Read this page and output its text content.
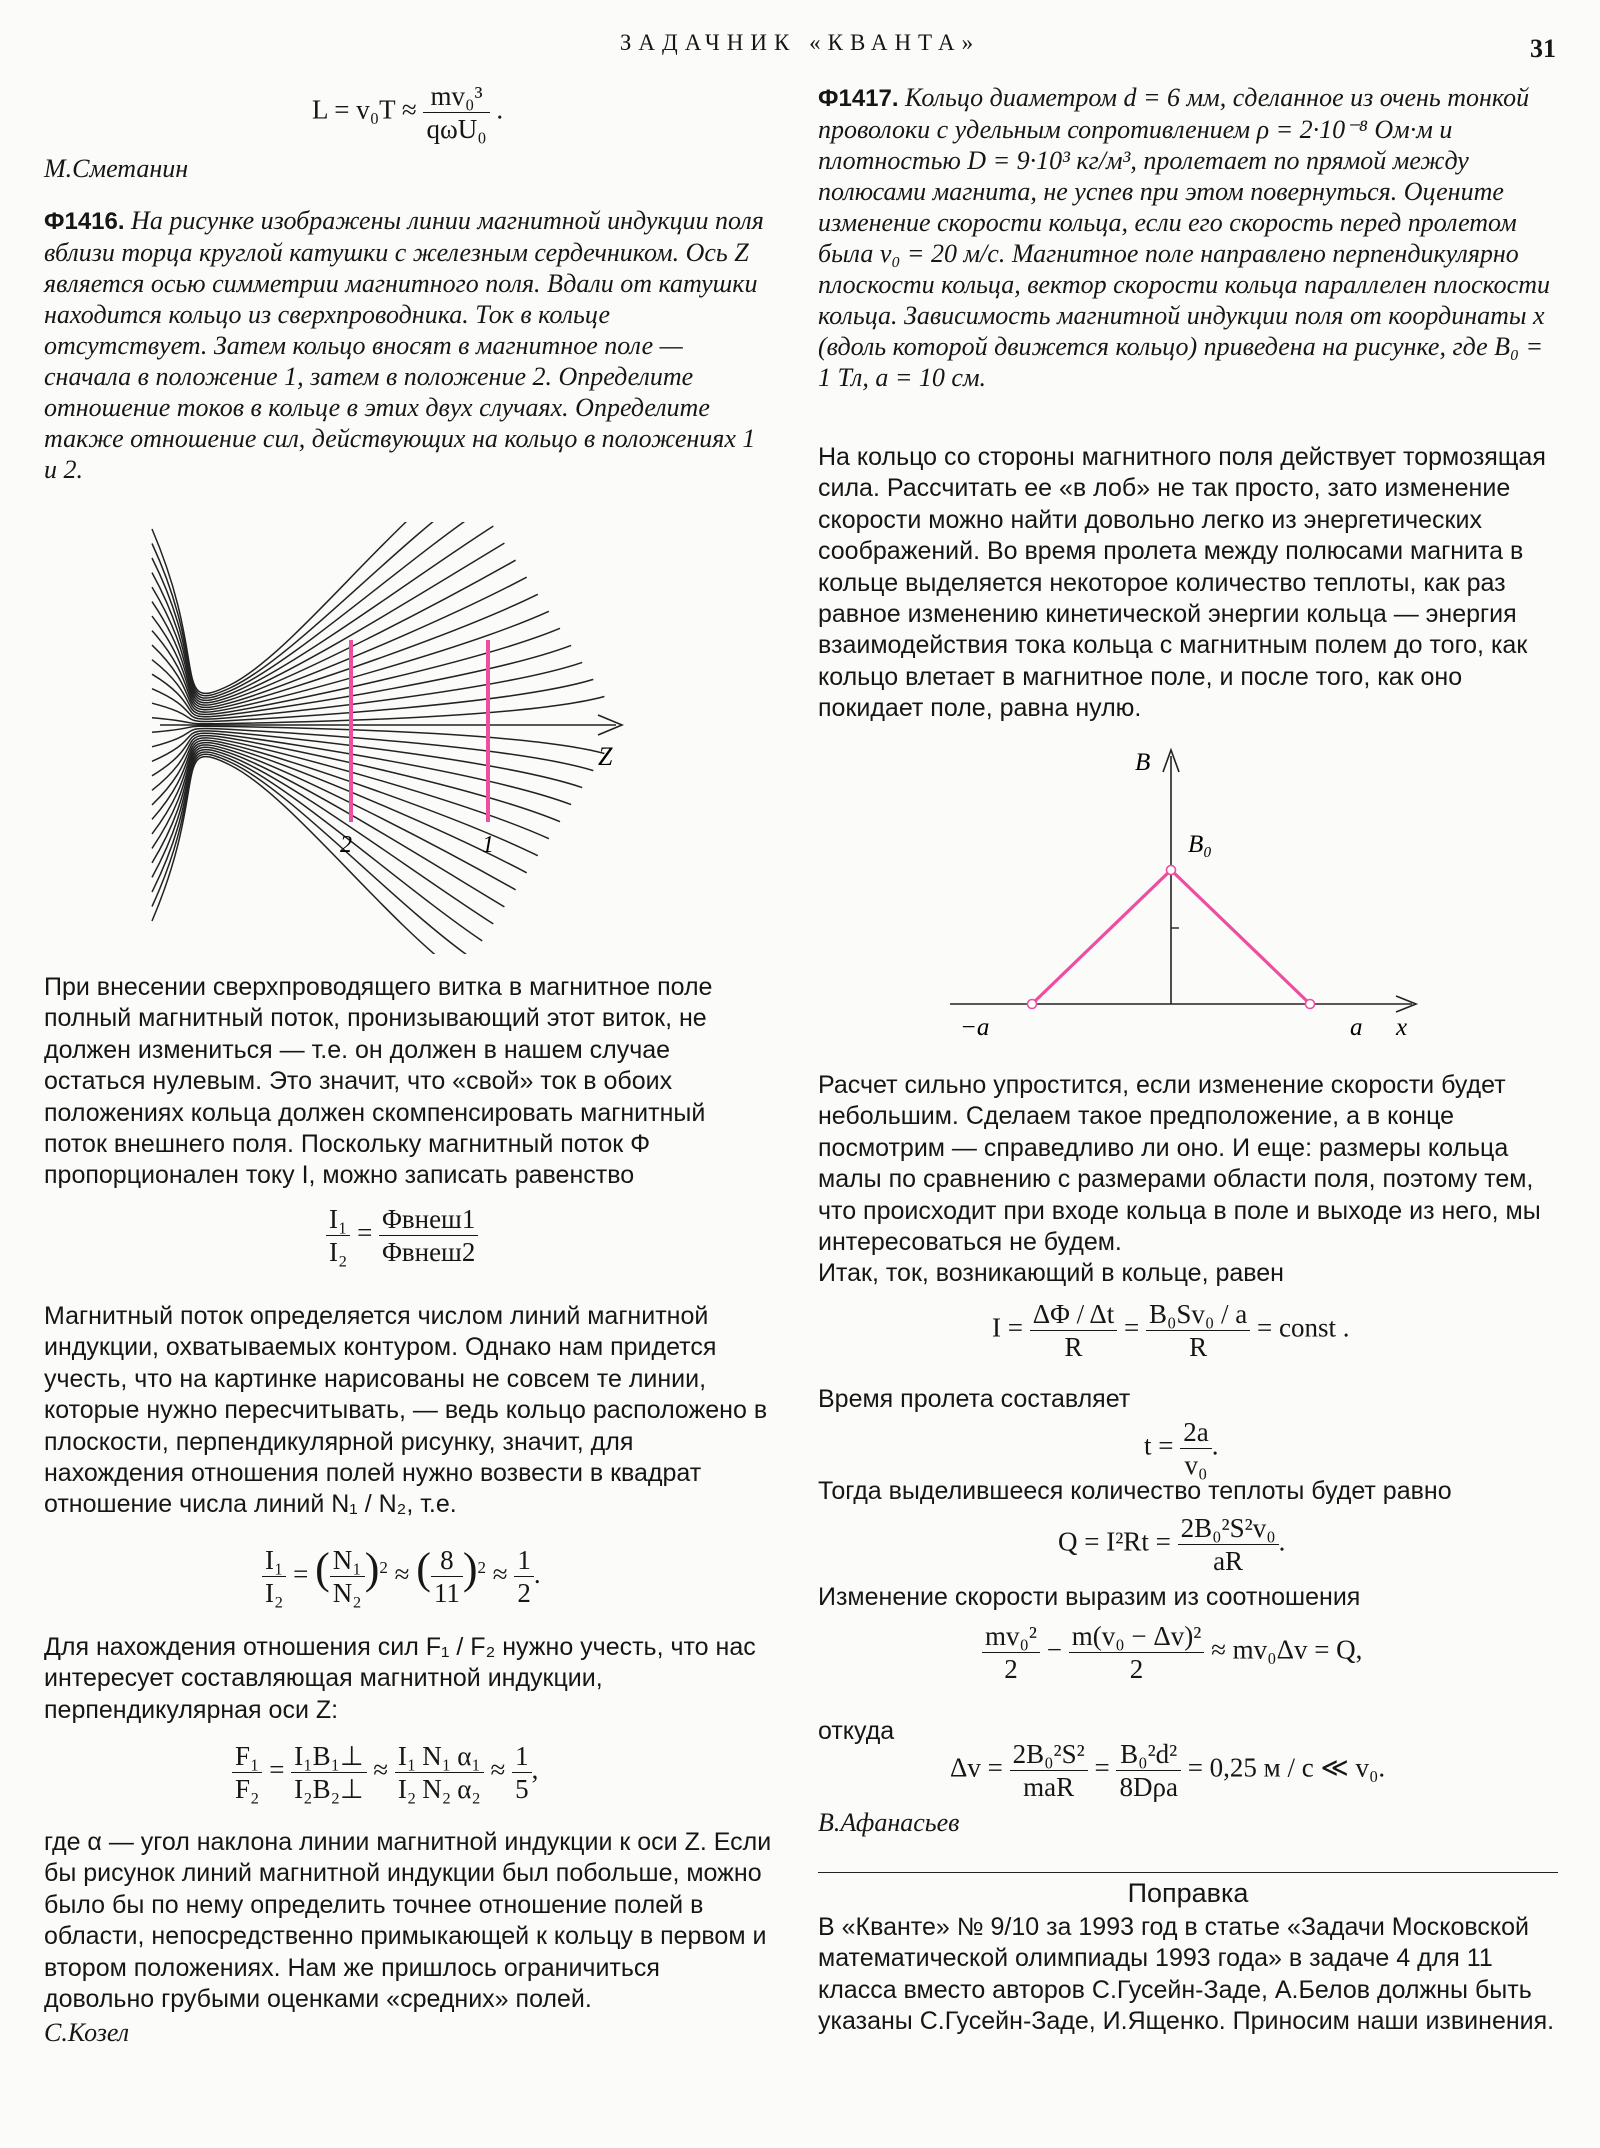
ЗАДАЧНИК «КВАНТА»	31
$L = v_0T \approx \frac{\text{mv₀³}}{\text{qωU₀}}$ .
М.Сметанин
Ф1416. На рисунке изображены линии магнитной индукции поля вблизи торца круглой катушки с железным сердечником. Ось Z является осью симметрии магнитного поля. Вдали от катушки находится кольцо из сверхпроводника. Ток в кольце отсутствует. Затем кольцо вносят в магнитное поле — сначала в положение 1, затем в положение 2. Определите отношение токов в кольце в этих двух случаях. Определите также отношение сил, действующих на кольцо в положениях 1 и 2.
Z
2	1
При внесении сверхпроводящего витка в магнитное поле полный магнитный поток, пронизывающий этот виток, не должен измениться — т.е. он должен в нашем случае остаться нулевым. Это значит, что «свой» ток в обоих положениях кольца должен скомпенсировать магнитный поток внешнего поля. Поскольку магнитный поток Φ пропорционален току I, можно записать равенство
$\frac{\text{I₁}}{\text{I₂}} = \frac{\text{Φвнеш1}}{\text{Φвнеш2}}$
Магнитный поток определяется числом линий магнитной индукции, охватываемых контуром. Однако нам придется учесть, что на картинке нарисованы не совсем те линии, которые нужно пересчитывать, — ведь кольцо расположено в плоскости, перпендикулярной рисунку, значит, для нахождения отношения полей нужно возвести в квадрат отношение числа линий N₁ / N₂, т.е.
$\frac{\text{I₁}}{\text{I₂}}$ = ( $\frac{\text{N₁}}{\text{N₂}} )^2$ ≈ ( $\frac{8}{11} )^2 \approx \frac{1}{2}$ .
Для нахождения отношения сил F₁ / F₂ нужно учесть, что нас интересует составляющая магнитной индукции, перпендикулярная оси Z:
$\frac{\text{F₁}}{\text{F₂}} = \frac{\text{I₁B₁⊥}}{\text{I₂B₂⊥}} \approx \frac{\text{I₁}}{\text{I₂}} \frac{\text{N₁}}{\text{N₂}} \frac{\text{α₁}}{\text{α₂}} \approx \frac{1}{5}$ ,
где α — угол наклона линии магнитной индукции к оси Z. Если бы рисунок линий магнитной индукции был побольше, можно было бы по нему определить точнее отношение полей в области, непосредственно примыкающей к кольцу в первом и втором положениях. Нам же пришлось ограничиться довольно грубыми оценками «средних» полей.
С.Козел
Ф1417. Кольцо диаметром d = 6 мм, сделанное из очень тонкой проволоки с удельным сопротивлением ρ = 2·10⁻⁸ Ом·м и плотностью D = 9·10³ кг/м³, пролетает по прямой между полюсами магнита, не успев при этом повернуться. Оцените изменение скорости кольца, если его скорость перед пролетом была v₀ = 20 м/с. Магнитное поле направлено перпендикулярно плоскости кольца, вектор скорости кольца параллелен плоскости кольца. Зависимость магнитной индукции поля от координаты x (вдоль которой движется кольцо) приведена на рисунке, где B₀ = 1 Тл, a = 10 см.
На кольцо со стороны магнитного поля действует тормозящая сила. Рассчитать ее «в лоб» не так просто, зато изменение скорости можно найти довольно легко из энергетических соображений. Во время пролета между полюсами магнита в кольце выделяется некоторое количество теплоты, как раз равное изменению кинетической энергии кольца — энергия взаимодействия тока кольца с магнитным полем до того, как кольцо влетает в магнитное поле, и после того, как оно покидает поле, равна нулю.
B
B₀
x
−a	a
Расчет сильно упростится, если изменение скорости будет небольшим. Сделаем такое предположение, а в конце посмотрим — справедливо ли оно. И еще: размеры кольца малы по сравнению с размерами области поля, поэтому тем, что происходит при входе кольца в поле и выходе из него, мы интересоваться не будем.
Итак, ток, возникающий в кольце, равен
$I = \frac{\Delta\Phi / \Delta t}{R} = \frac{\text{B₀Sv₀ / a}}{R}$ = const .
Время пролета составляет
$t = \frac{2a}{\text{v₀}}$ .
Тогда выделившееся количество теплоты будет равно
$Q = I^2Rt = \frac{\text{2B₀²S²v₀}}{aR}$ .
Изменение скорости выразим из соотношения
$\frac{\text{mv₀²}}{2} - \frac{\text{m(v₀ − Δv)²}}{2} \approx mv_0\Delta v = Q$,
откуда
$\Delta v = \frac{\text{2B₀²S²}}{\text{maR}} = \frac{\text{B₀²d²}}{\text{8Dρa}} = 0,25$ м / с ≪ v₀.
В.Афанасьев
Поправка
В «Кванте» № 9/10 за 1993 год в статье «Задачи Московской математической олимпиады 1993 года» в задаче 4 для 11 класса вместо авторов С.Гусейн-Заде, А.Белов должны быть указаны С.Гусейн-Заде, И.Ященко. Приносим наши извинения.
